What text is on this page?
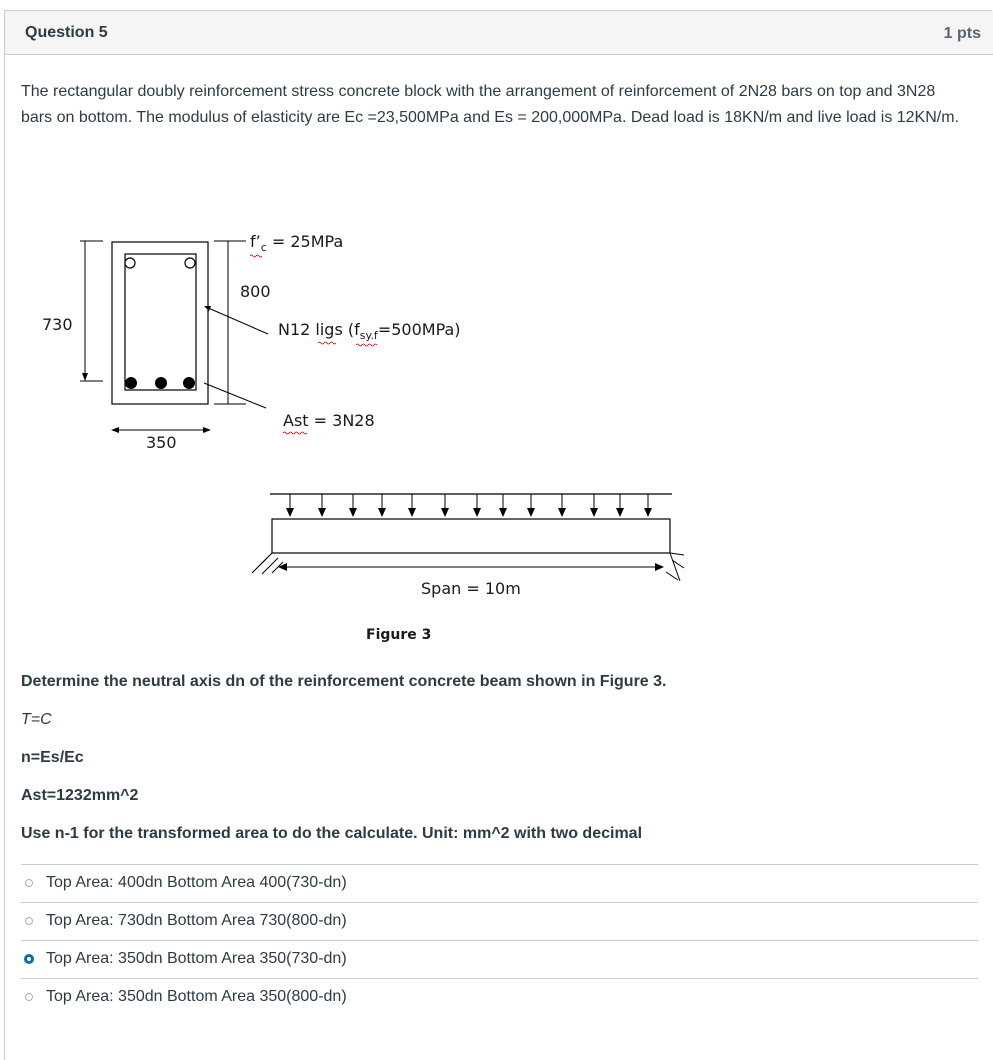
Question 5	1 pts
The rectangular doubly reinforcement stress concrete block with the arrangement of reinforcement of 2N28 bars on top and 3N28 bars on bottom. The modulus of elasticity are Ec =23,500MPa and Es = 200,000MPa. Dead load is 18KN/m and live load is 12KN/m.
730
800
350
$f’_c = 25MPa$
N12 ligs $(f_{sy.f}=500MPa)$
Ast = 3N28
Span = 10m
Figure 3
Determine the neutral axis dn of the reinforcement concrete beam shown in Figure 3.
T=C
n=Es/Ec
Ast=1232mm^2
Use n-1 for the transformed area to do the calculate. Unit: mm^2 with two decimal
Top Area: 400dn Bottom Area 400(730-dn)
Top Area: 730dn Bottom Area 730(800-dn)
Top Area: 350dn Bottom Area 350(730-dn)
Top Area: 350dn Bottom Area 350(800-dn)
